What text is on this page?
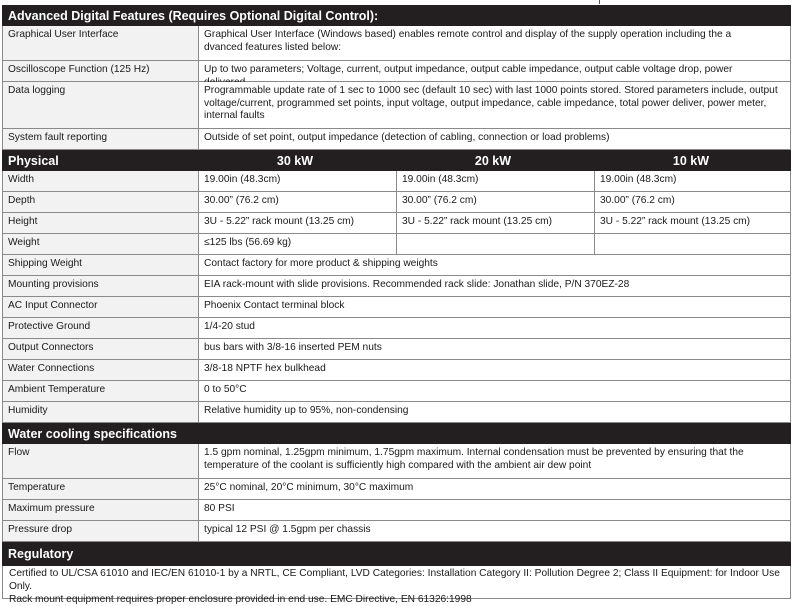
Advanced Digital Features (Requires Optional Digital Control):
Graphical User Interface	Graphical User Interface (Windows based) enables remote control and display of the supply operation including the a
dvanced features listed below:
Oscilloscope Function (125 Hz)	Up to two parameters; Voltage, current, output impedance, output cable impedance, output cable voltage drop, power
Data logging	Programmable update rate of 1 sec to 1000 sec (default 10 sec) with last 1000 points stored. Stored parameters include, output
voltage/current, programmed set points, input voltage, output impedance, cable impedance, total power deliver, power meter,
internal faults
System fault reporting	Outside of set point, output impedance (detection of cabling, connection or load problems)
Physical	30 kW	20 kW	10 kW
Width	19.00in (48.3cm)	19.00in (48.3cm)	19.00in (48.3cm)
Depth	30.00” (76.2 cm)	30.00” (76.2 cm)	30.00” (76.2 cm)
Height	3U - 5.22” rack mount (13.25 cm)	3U - 5.22” rack mount (13.25 cm)	3U - 5.22” rack mount (13.25 cm)
Weight	≤125 lbs (56.69 kg)
Shipping Weight	Contact factory for more product & shipping weights
Mounting provisions	EIA rack-mount with slide provisions. Recommended rack slide: Jonathan slide, P/N 370EZ-28
AC Input Connector	Phoenix Contact terminal block
Protective Ground	1/4-20 stud
Output Connectors	bus bars with 3/8-16 inserted PEM nuts
Water Connections	3/8-18 NPTF hex bulkhead
Ambient Temperature	0 to 50°C
Humidity	Relative humidity up to 95%, non-condensing
Water cooling specifications
Flow	1.5 gpm nominal, 1.25gpm minimum, 1.75gpm maximum. Internal condensation must be prevented by ensuring that the
temperature of the coolant is sufficiently high compared with the ambient air dew point
Temperature	25°C nominal, 20°C minimum, 30°C maximum
Maximum pressure	80 PSI
Pressure drop	typical 12 PSI @ 1.5gpm per chassis
Regulatory
Certified to UL/CSA 61010 and IEC/EN 61010-1 by a NRTL, CE Compliant, LVD Categories: Installation Category II: Pollution Degree 2; Class II Equipment: for Indoor Use Only.
Rack mount equipment requires proper enclosure provided in end use. EMC Directive, EN 61326:1998
